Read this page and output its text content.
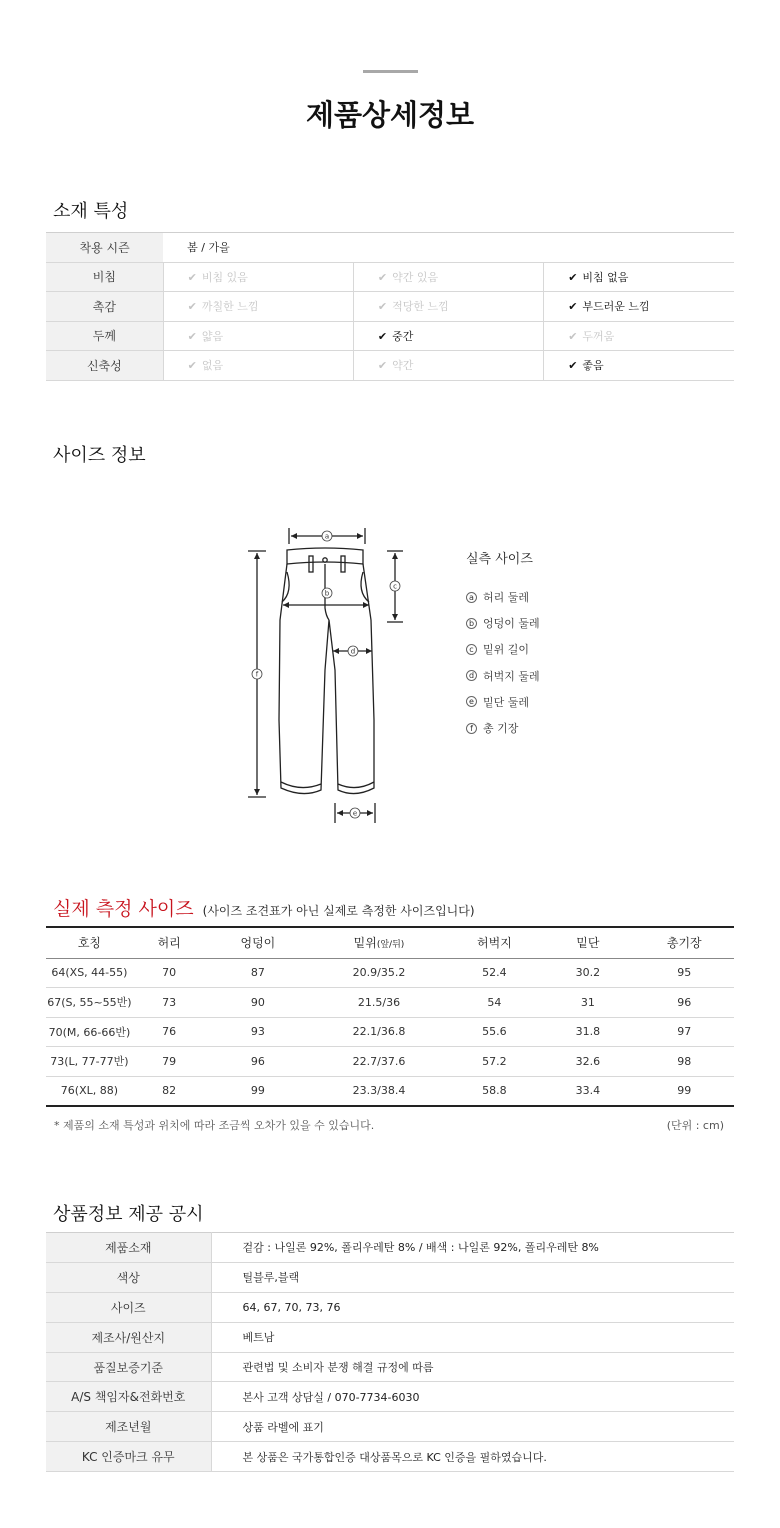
제품상세정보
소재 특성
착용 시즌	봄 / 가을		
비침	✔ 비침 있음	✔ 약간 있음	✔ 비침 없음
촉감	✔ 까칠한 느낌	✔ 적당한 느낌	✔ 부드러운 느낌
두께	✔ 얇음	✔ 중간	✔ 두꺼움
신축성	✔ 없음	✔ 약간	✔ 좋음
사이즈 정보
a
b
c
d
e
f
실측 사이즈
a 허리 둘레
b 엉덩이 둘레
c 밑위 길이
d 허벅지 둘레
e 밑단 둘레
f 총 기장
실제 측정 사이즈 (사이즈 조견표가 아닌 실제로 측정한 사이즈입니다)
호칭	허리	엉덩이	밑위(앞/뒤)	허벅지	밑단	총기장
64(XS, 44-55)	70	87	20.9/35.2	52.4	30.2	95
67(S, 55~55반)	73	90	21.5/36	54	31	96
70(M, 66-66반)	76	93	22.1/36.8	55.6	31.8	97
73(L, 77-77반)	79	96	22.7/37.6	57.2	32.6	98
76(XL, 88)	82	99	23.3/38.4	58.8	33.4	99
* 제품의 소재 특성과 위치에 따라 조금씩 오차가 있을 수 있습니다.	(단위 : cm)
상품정보 제공 공시
제품소재	겉감 : 나일론 92%, 폴리우레탄 8% / 배색 : 나일론 92%, 폴리우레탄 8%
색상	틸블루,블랙
사이즈	64, 67, 70, 73, 76
제조사/원산지	베트남
품질보증기준	관련법 및 소비자 분쟁 해결 규정에 따름
A/S 책임자&전화번호	본사 고객 상담실 / 070-7734-6030
제조년월	상품 라벨에 표기
KC 인증마크 유무	본 상품은 국가통합인증 대상품목으로 KC 인증을 필하였습니다.
